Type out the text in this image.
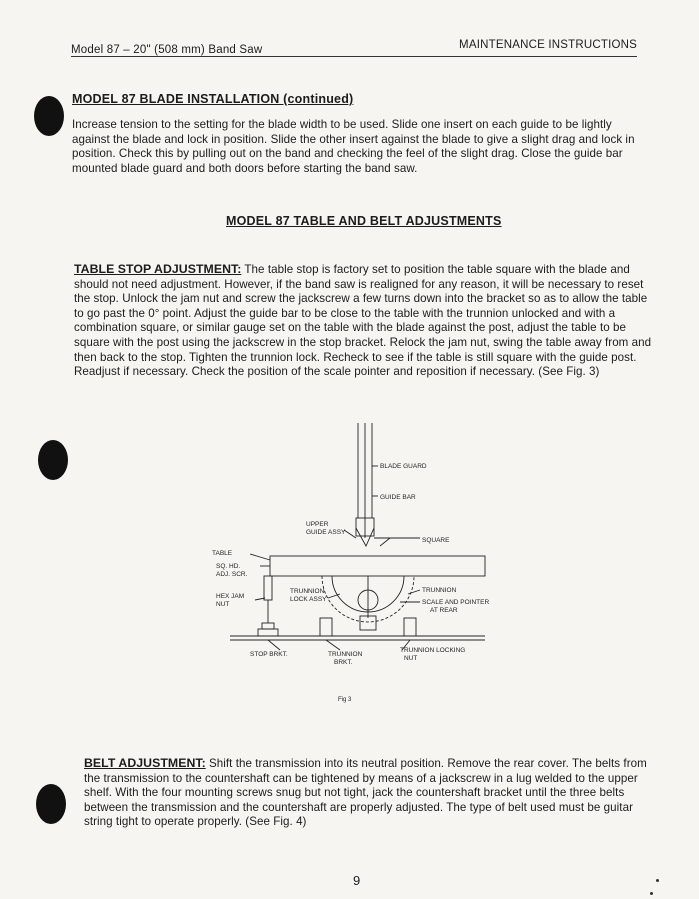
Model 87 – 20" (508 mm) Band Saw	MAINTENANCE INSTRUCTIONS
MODEL 87 BLADE INSTALLATION (continued)
Increase tension to the setting for the blade width to be used. Slide one insert on each guide to be lightly against the blade and lock in position. Slide the other insert against the blade to give a slight drag and lock in position. Check this by pulling out on the band and checking the feel of the slight drag. Close the guide bar mounted blade guard and both doors before starting the band saw.
MODEL 87 TABLE AND BELT ADJUSTMENTS
TABLE STOP ADJUSTMENT: The table stop is factory set to position the table square with the blade and should not need adjustment. However, if the band saw is realigned for any reason, it will be necessary to reset the stop. Unlock the jam nut and screw the jackscrew a few turns down into the bracket so as to allow the table to go past the 0° point. Adjust the guide bar to be close to the table with the trunnion unlocked and with a combination square, or similar gauge set on the table with the blade against the post, adjust the table to be square with the post using the jackscrew in the stop bracket. Relock the jam nut, swing the table away from and then back to the stop. Tighten the trunnion lock. Recheck to see if the table is still square with the guide post. Readjust if necessary. Check the position of the scale pointer and reposition if necessary. (See Fig. 3)
BLADE GUARD
GUIDE BAR
UPPER
GUIDE ASSY
SQUARE
TABLE
SQ. HD.
ADJ. SCR.
HEX JAM
NUT
TRUNNION
LOCK ASSY
TRUNNION
SCALE AND POINTER
AT REAR
STOP BRKT.	TRUNNION
BRKT.
TRUNNION LOCKING
NUT
Fig 3
BELT ADJUSTMENT: Shift the transmission into its neutral position. Remove the rear cover. The belts from the transmission to the countershaft can be tightened by means of a jackscrew in a lug welded to the upper shelf. With the four mounting screws snug but not tight, jack the countershaft bracket until the three belts between the transmission and the countershaft are properly adjusted. The type of belt used must be guitar string tight to operate properly. (See Fig. 4)
9
